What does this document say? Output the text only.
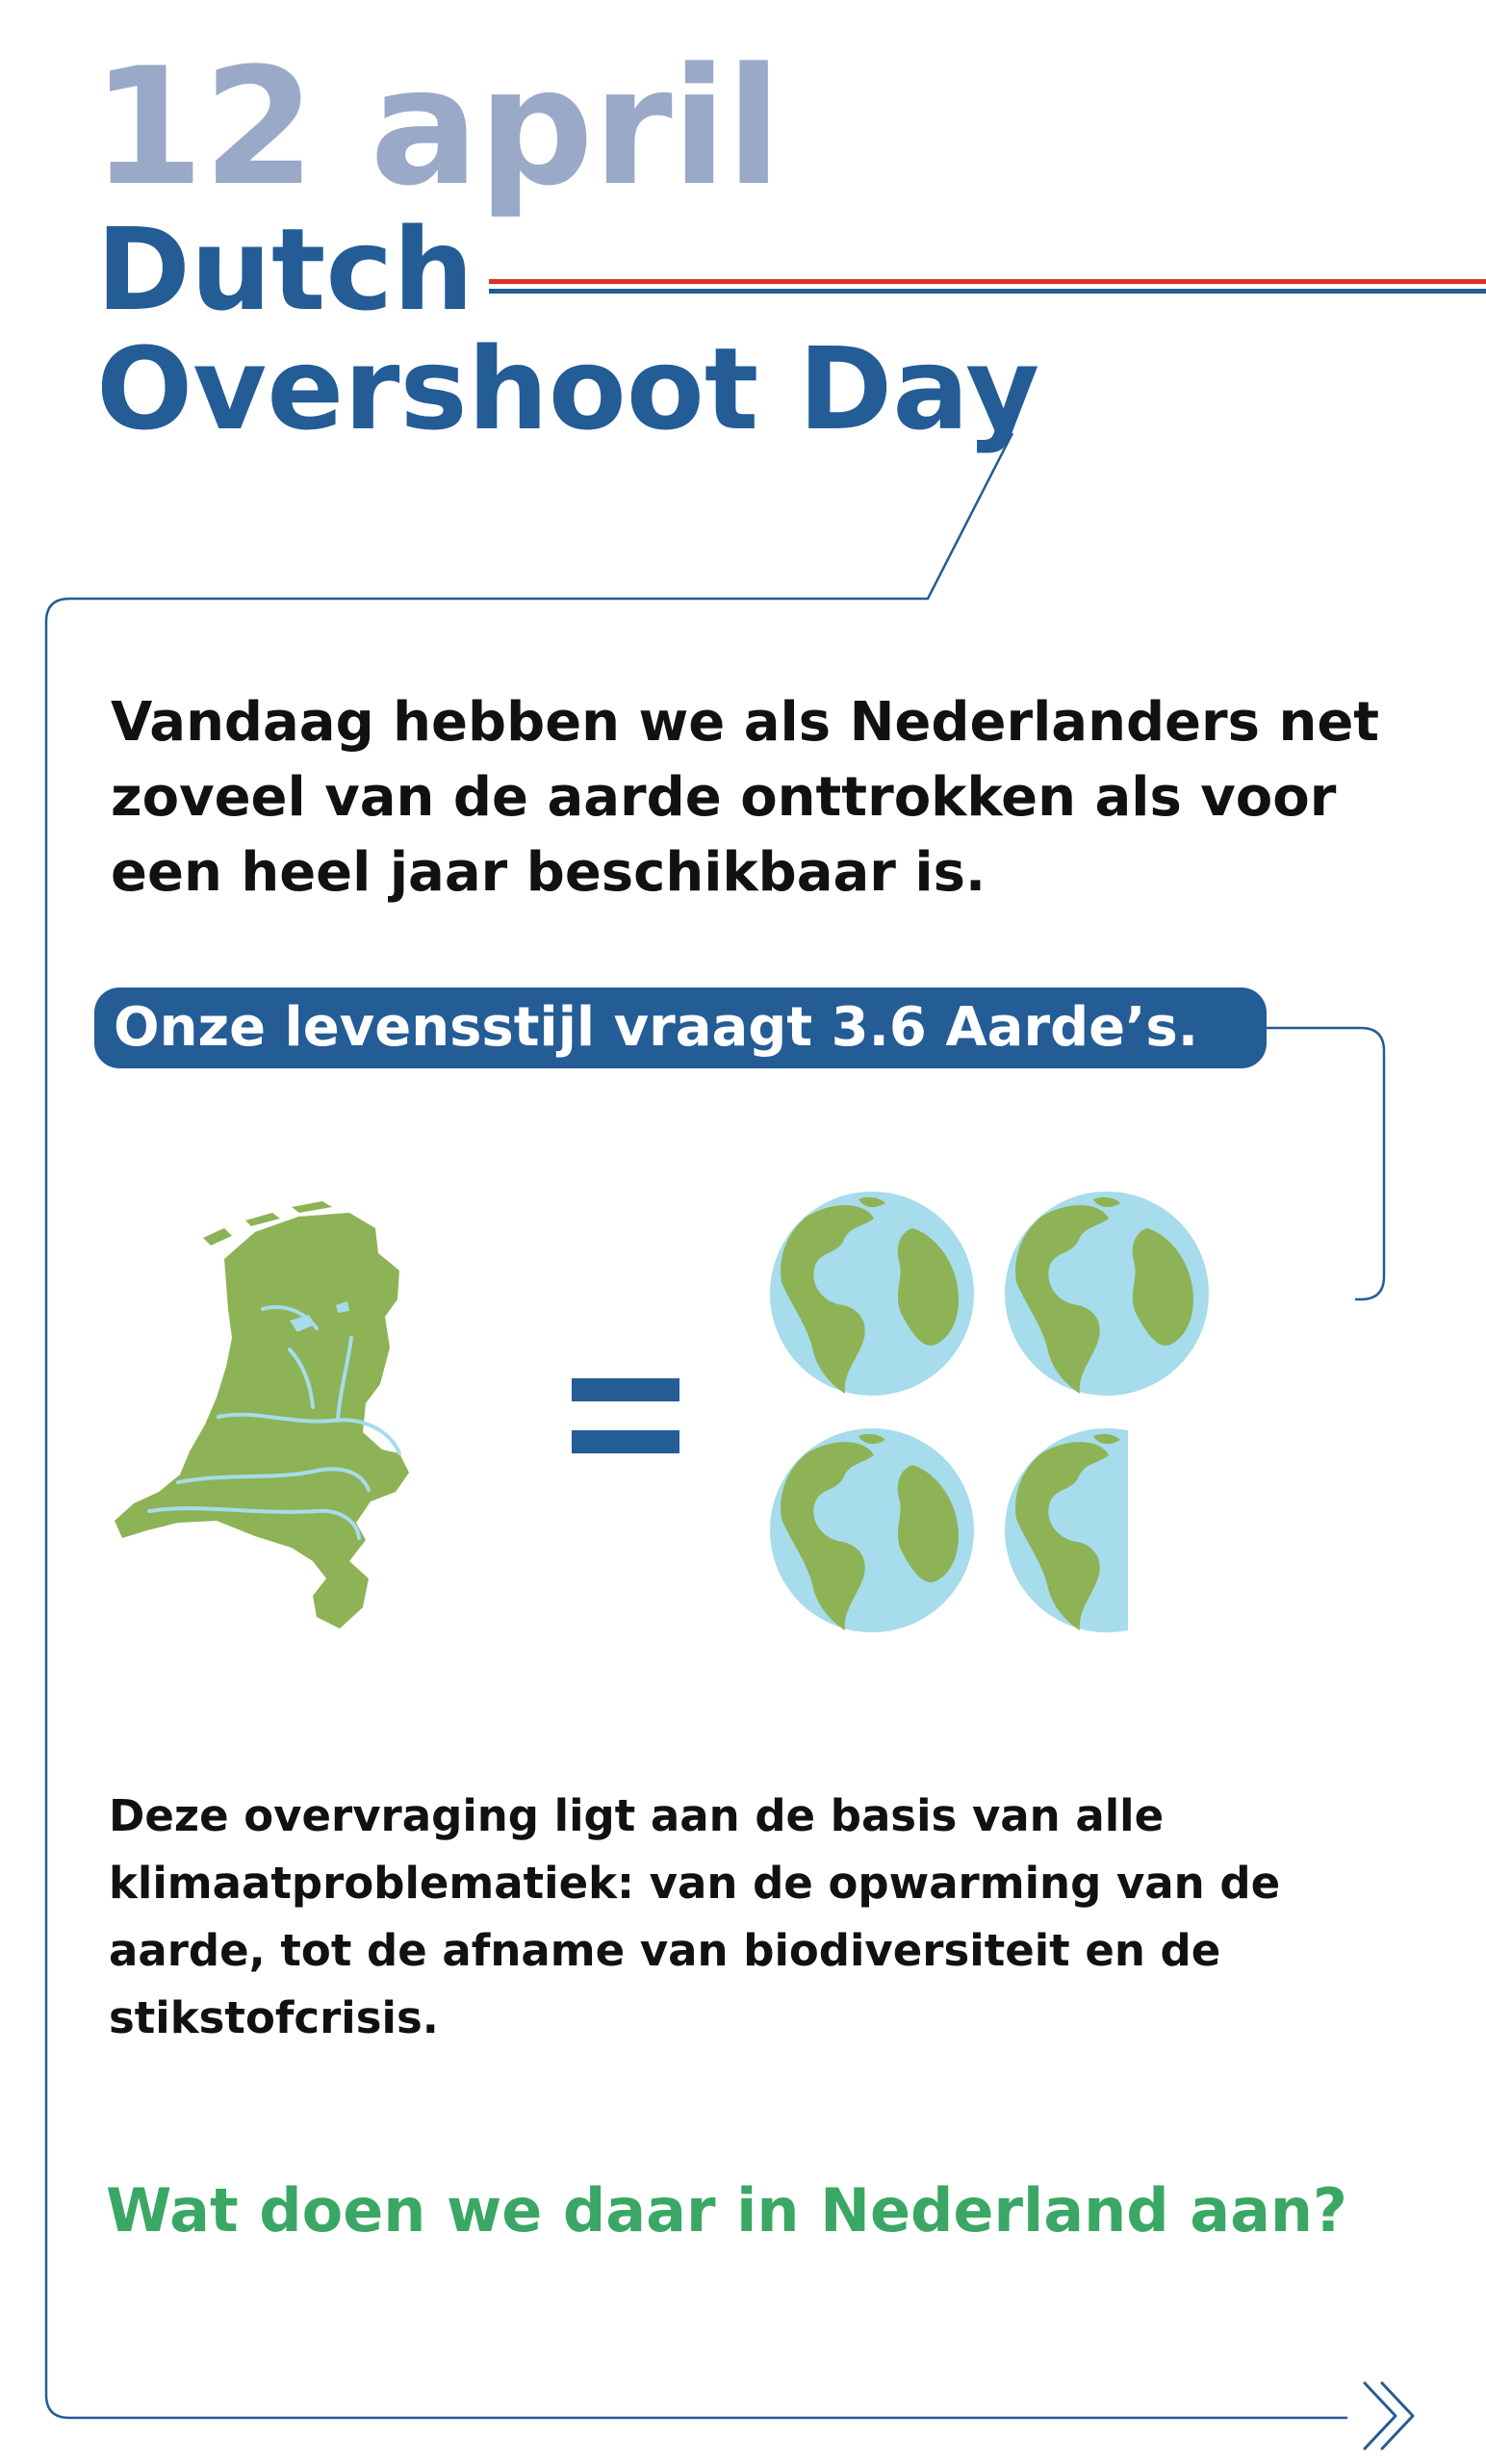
12 april
Dutch
Overshoot Day

Vandaag hebben we als Nederlanders net zoveel van de aarde onttrokken als voor een heel jaar beschikbaar is.

Onze levensstijl vraagt 3.6 Aarde’s.

Deze overvraging ligt aan de basis van alle klimaatproblematiek: van de opwarming van de aarde, tot de afname van biodiversiteit en de stikstofcrisis.

Wat doen we daar in Nederland aan?
